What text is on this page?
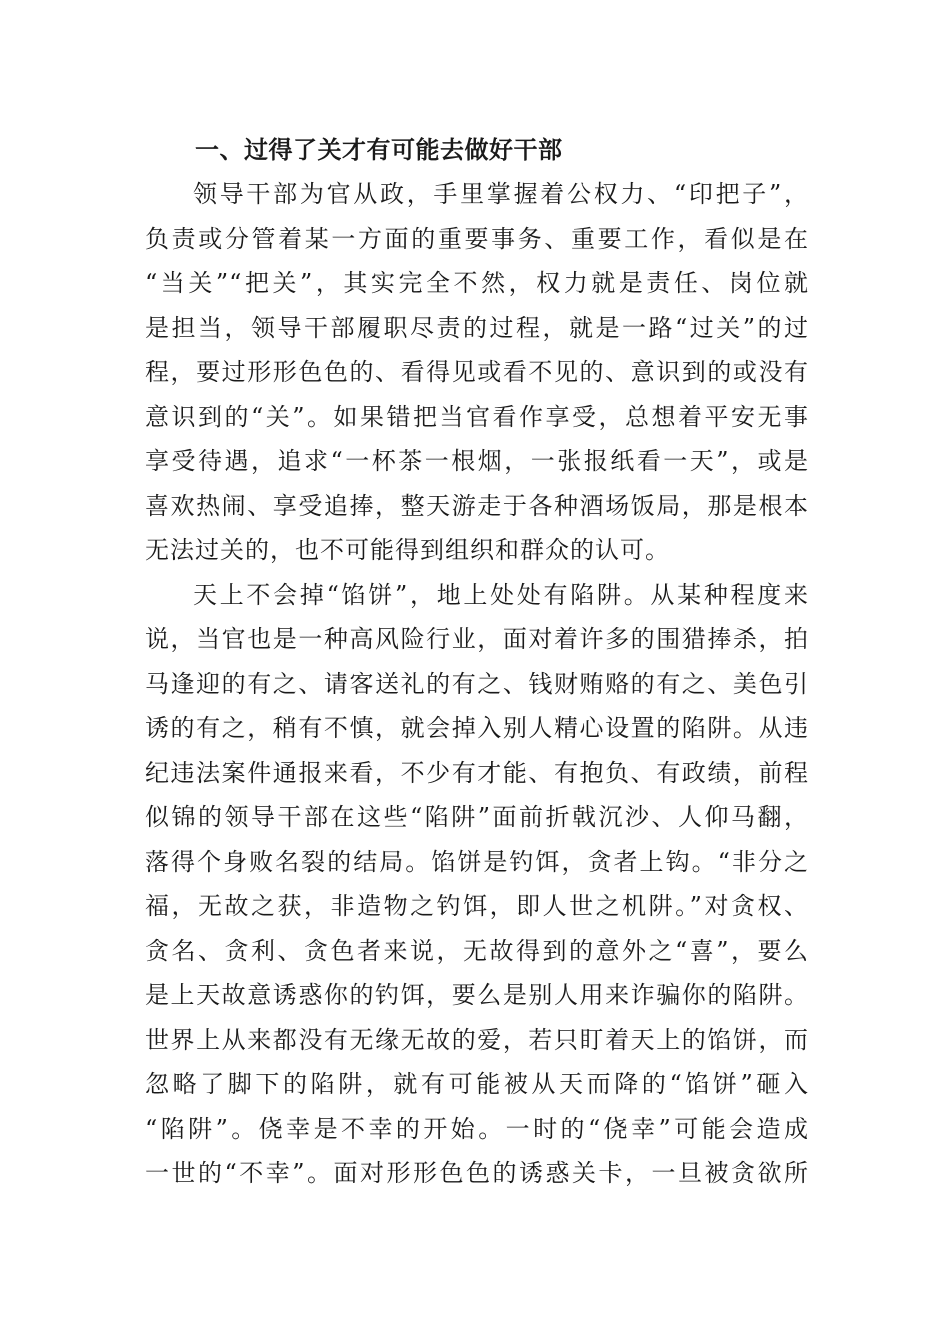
一、过得了关才有可能去做好干部
领导干部为官从政，手里掌握着公权力、“印把子”，
负责或分管着某一方面的重要事务、重要工作，看似是在
“当关”“把关”，其实完全不然，权力就是责任、岗位就
是担当，领导干部履职尽责的过程，就是一路“过关”的过
程，要过形形色色的、看得见或看不见的、意识到的或没有
意识到的“关”。如果错把当官看作享受，总想着平安无事
享受待遇，追求“一杯茶一根烟，一张报纸看一天”，或是
喜欢热闹、享受追捧，整天游走于各种酒场饭局，那是根本
无法过关的，也不可能得到组织和群众的认可。
天上不会掉“馅饼”，地上处处有陷阱。从某种程度来
说，当官也是一种高风险行业，面对着许多的围猎捧杀，拍
马逢迎的有之、请客送礼的有之、钱财贿赂的有之、美色引
诱的有之，稍有不慎，就会掉入别人精心设置的陷阱。从违
纪违法案件通报来看，不少有才能、有抱负、有政绩，前程
似锦的领导干部在这些“陷阱”面前折戟沉沙、人仰马翻，
落得个身败名裂的结局。馅饼是钓饵，贪者上钩。“非分之
福，无故之获，非造物之钓饵，即人世之机阱。”对贪权、
贪名、贪利、贪色者来说，无故得到的意外之“喜”，要么
是上天故意诱惑你的钓饵，要么是别人用来诈骗你的陷阱。
世界上从来都没有无缘无故的爱，若只盯着天上的馅饼，而
忽略了脚下的陷阱，就有可能被从天而降的“馅饼”砸入
“陷阱”。侥幸是不幸的开始。一时的“侥幸”可能会造成
一世的“不幸”。面对形形色色的诱惑关卡，一旦被贪欲所
